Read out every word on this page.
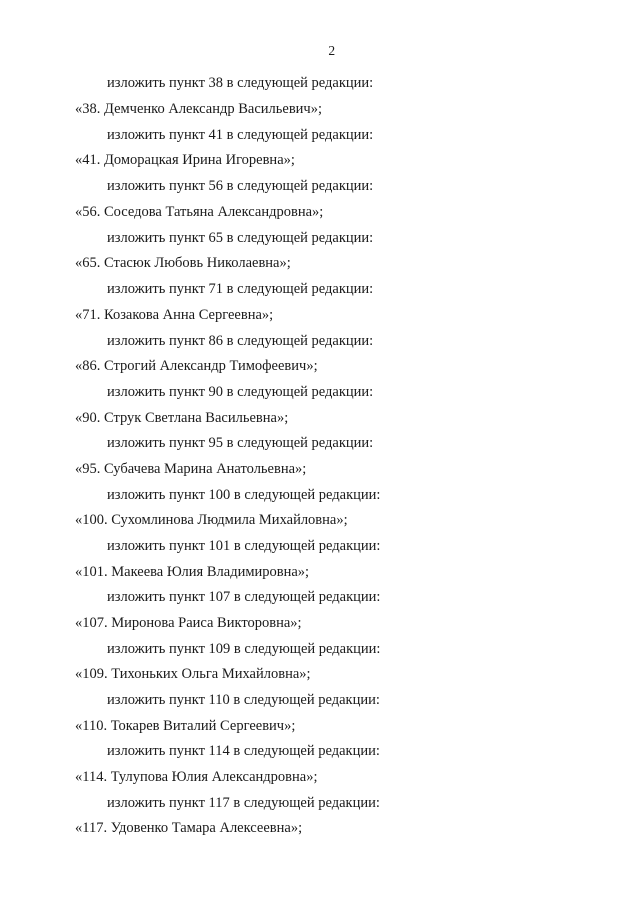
2
изложить пункт 38 в следующей редакции:
«38. Демченко Александр Васильевич»;
изложить пункт 41 в следующей редакции:
«41. Доморацкая Ирина Игоревна»;
изложить пункт 56 в следующей редакции:
«56. Соседова Татьяна Александровна»;
изложить пункт 65 в следующей редакции:
«65. Стасюк Любовь Николаевна»;
изложить пункт 71 в следующей редакции:
«71. Козакова Анна Сергеевна»;
изложить пункт 86 в следующей редакции:
«86. Строгий Александр Тимофеевич»;
изложить пункт 90 в следующей редакции:
«90. Струк Светлана Васильевна»;
изложить пункт 95 в следующей редакции:
«95. Субачева Марина Анатольевна»;
изложить пункт 100 в следующей редакции:
«100. Сухомлинова Людмила Михайловна»;
изложить пункт 101 в следующей редакции:
«101. Макеева Юлия Владимировна»;
изложить пункт 107 в следующей редакции:
«107. Миронова Раиса Викторовна»;
изложить пункт 109 в следующей редакции:
«109. Тихоньких Ольга Михайловна»;
изложить пункт 110 в следующей редакции:
«110. Токарев Виталий Сергеевич»;
изложить пункт 114 в следующей редакции:
«114. Тулупова Юлия Александровна»;
изложить пункт 117 в следующей редакции:
«117. Удовенко Тамара Алексеевна»;
